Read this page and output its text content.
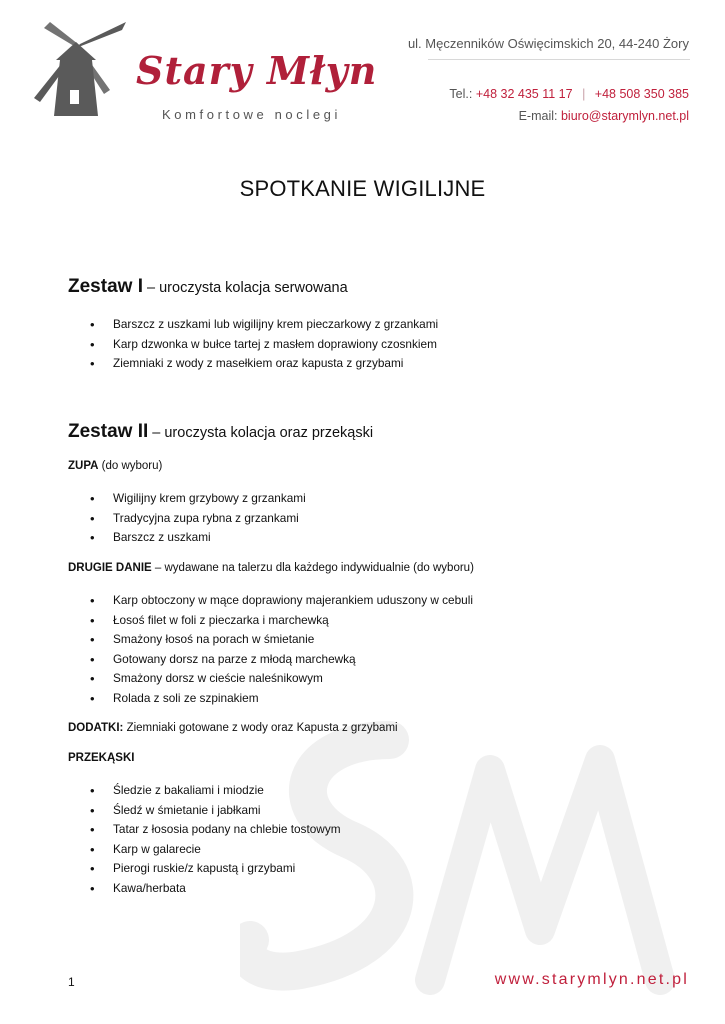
Stary Młyn
Komfortowe noclegi
ul. Męczenników Oświęcimskich 20, 44-240 Żory
Tel.: +48 32 435 11 17 | +48 508 350 385
E-mail: biuro@starymlyn.net.pl
SPOTKANIE WIGILIJNE
Zestaw I – uroczysta kolacja serwowana
• Barszcz z uszkami lub wigilijny krem pieczarkowy z grzankami
• Karp dzwonka w bułce tartej z masłem doprawiony czosnkiem
• Ziemniaki z wody z masełkiem oraz kapusta z grzybami
Zestaw II – uroczysta kolacja oraz przekąski
ZUPA (do wyboru)
• Wigilijny krem grzybowy z grzankami
• Tradycyjna zupa rybna z grzankami
• Barszcz z uszkami
DRUGIE DANIE – wydawane na talerzu dla każdego indywidualnie (do wyboru)
• Karp obtoczony w mące doprawiony majerankiem uduszony w cebuli
• Łosoś filet w foli z pieczarka i marchewką
• Smażony łosoś na porach w śmietanie
• Gotowany dorsz na parze z młodą marchewką
• Smażony dorsz w cieście naleśnikowym
• Rolada z soli ze szpinakiem
DODATKI: Ziemniaki gotowane z wody oraz Kapusta z grzybami
PRZEKĄSKI
• Śledzie z bakaliami i miodzie
• Śledź w śmietanie i jabłkami
• Tatar z łososia podany na chlebie tostowym
• Karp w galarecie
• Pierogi ruskie/z kapustą i grzybami
• Kawa/herbata
1	www.starymlyn.net.pl
